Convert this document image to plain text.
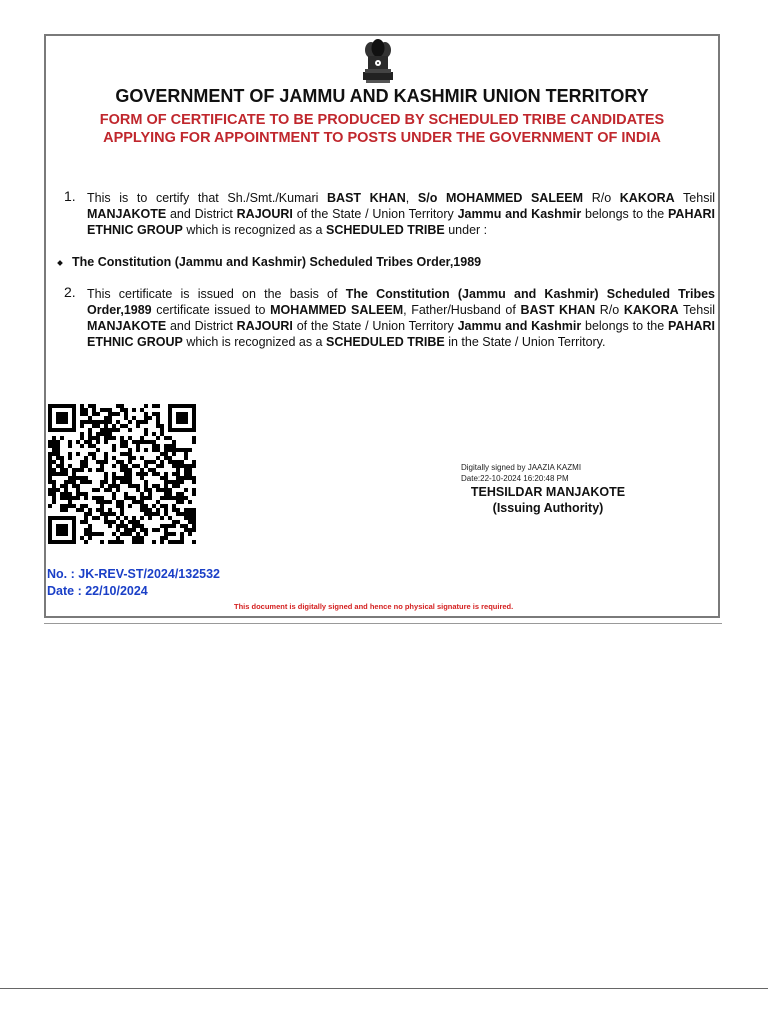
GOVERNMENT OF JAMMU AND KASHMIR UNION TERRITORY
FORM OF CERTIFICATE TO BE PRODUCED BY SCHEDULED TRIBE CANDIDATES
APPLYING FOR APPOINTMENT TO POSTS UNDER THE GOVERNMENT OF INDIA
1. This is to certify that Sh./Smt./Kumari BAST KHAN, S/o MOHAMMED SALEEM R/o KAKORA Tehsil MANJAKOTE and District RAJOURI of the State / Union Territory Jammu and Kashmir belongs to the PAHARI ETHNIC GROUP which is recognized as a SCHEDULED TRIBE under :
The Constitution (Jammu and Kashmir) Scheduled Tribes Order,1989
2. This certificate is issued on the basis of The Constitution (Jammu and Kashmir) Scheduled Tribes Order,1989 certificate issued to MOHAMMED SALEEM, Father/Husband of BAST KHAN R/o KAKORA Tehsil MANJAKOTE and District RAJOURI of the State / Union Territory Jammu and Kashmir belongs to the PAHARI ETHNIC GROUP which is recognized as a SCHEDULED TRIBE in the State / Union Territory.
Digitally signed by JAAZIA KAZMI
Date:22-10-2024 16:20:48 PM
TEHSILDAR MANJAKOTE
(Issuing Authority)
No. : JK-REV-ST/2024/132532
Date : 22/10/2024
This document is digitally signed and hence no physical signature is required.
